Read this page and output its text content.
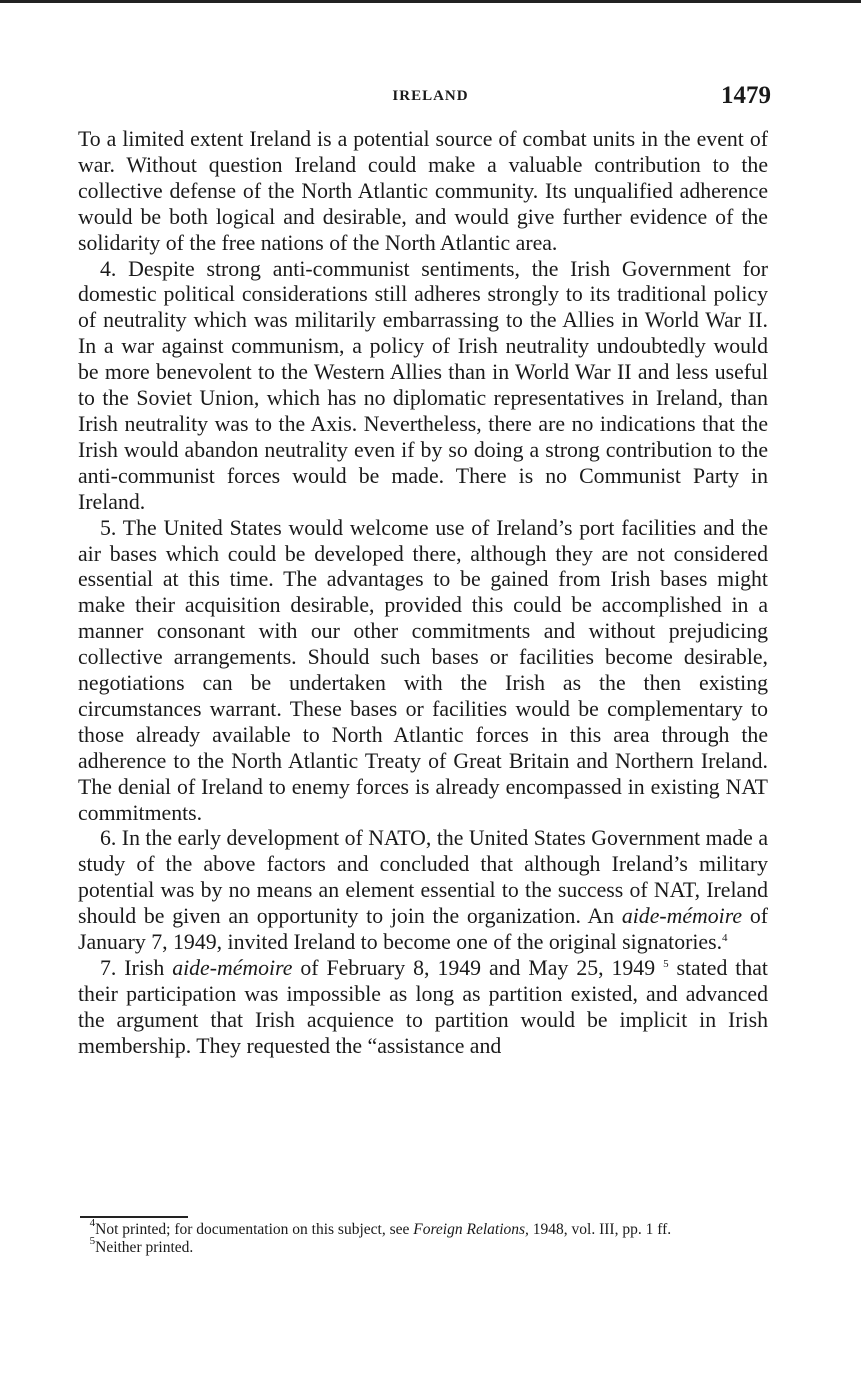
IRELAND	1479

To a limited extent Ireland is a potential source of combat units in the event of war. Without question Ireland could make a valuable contribution to the collective defense of the North Atlantic community. Its unqualified adherence would be both logical and desirable, and would give further evidence of the solidarity of the free nations of the North Atlantic area.

4. Despite strong anti-communist sentiments, the Irish Government for domestic political considerations still adheres strongly to its traditional policy of neutrality which was militarily embarrassing to the Allies in World War II. In a war against communism, a policy of Irish neutrality undoubtedly would be more benevolent to the Western Allies than in World War II and less useful to the Soviet Union, which has no diplomatic representatives in Ireland, than Irish neutrality was to the Axis. Nevertheless, there are no indications that the Irish would abandon neutrality even if by so doing a strong contribution to the anti-communist forces would be made. There is no Communist Party in Ireland.

5. The United States would welcome use of Ireland’s port facilities and the air bases which could be developed there, although they are not considered essential at this time. The advantages to be gained from Irish bases might make their acquisition desirable, provided this could be accomplished in a manner consonant with our other commitments and without prejudicing collective arrangements. Should such bases or facilities become desirable, negotiations can be undertaken with the Irish as the then existing circumstances warrant. These bases or facilities would be complementary to those already available to North Atlantic forces in this area through the adherence to the North Atlantic Treaty of Great Britain and Northern Ireland. The denial of Ireland to enemy forces is already encompassed in existing NAT commitments.

6. In the early development of NATO, the United States Government made a study of the above factors and concluded that although Ireland’s military potential was by no means an element essential to the success of NAT, Ireland should be given an opportunity to join the organization. An aide-mémoire of January 7, 1949, invited Ireland to become one of the original signatories.$^4$

7. Irish aide-mémoire of February 8, 1949 and May 25, 1949 $^5$ stated that their participation was impossible as long as partition existed, and advanced the argument that Irish acquience to partition would be implicit in Irish membership. They requested the “assistance and

$^4$Not printed; for documentation on this subject, see Foreign Relations, 1948, vol. III, pp. 1 ff.

$^5$Neither printed.
